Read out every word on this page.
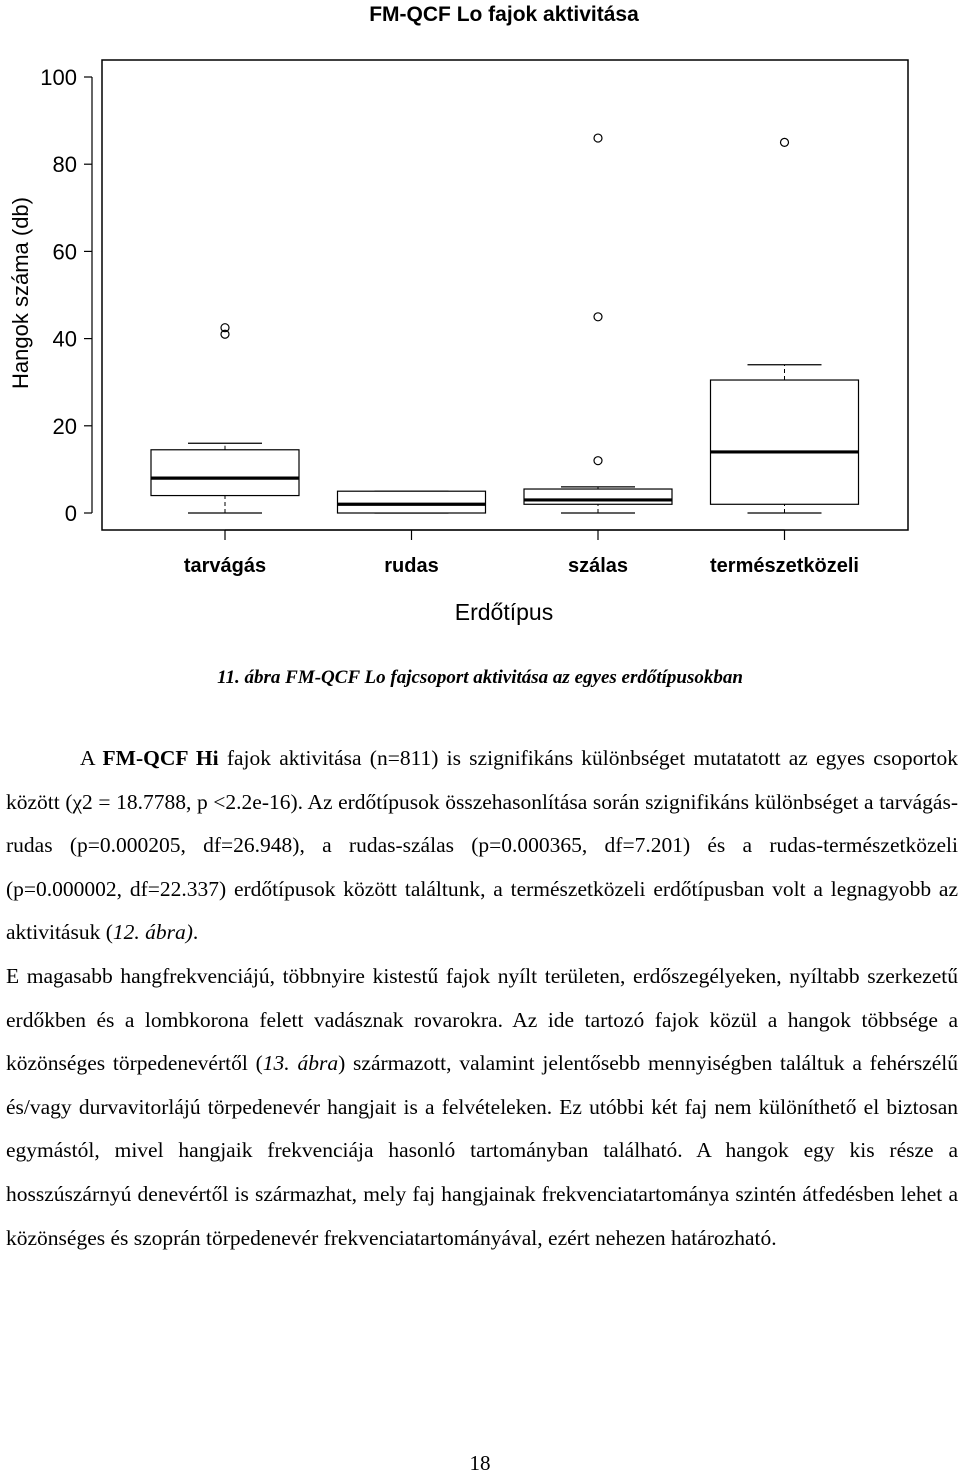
FM-QCF Lo fajok aktivitása
0
20
40
60
80
100
tarvágás	rudas	szálas	természetközeli
Hangok száma (db)
Erdőtípus
11. ábra FM-QCF Lo fajcsoport aktivitása az egyes erdőtípusokban

A FM-QCF Hi fajok aktivitása (n=811) is szignifikáns különbséget mutatatott az egyes csoportok között (χ2 = 18.7788, p <2.2e-16). Az erdőtípusok összehasonlítása során szignifikáns különbséget a tarvágás-rudas (p=0.000205, df=26.948), a rudas-szálas (p=0.000365, df=7.201) és a rudas-természetközeli (p=0.000002, df=22.337) erdőtípusok között találtunk, a természetközeli erdőtípusban volt a legnagyobb az aktivitásuk (12. ábra).

E magasabb hangfrekvenciájú, többnyire kistestű fajok nyílt területen, erdőszegélyeken, nyíltabb szerkezetű erdőkben és a lombkorona felett vadásznak rovarokra. Az ide tartozó fajok közül a hangok többsége a közönséges törpedenevértől (13. ábra) származott, valamint jelentősebb mennyiségben találtuk a fehérszélű és/vagy durvavitorlájú törpedenevér hangjait is a felvételeken. Ez utóbbi két faj nem különíthető el biztosan egymástól, mivel hangjaik frekvenciája hasonló tartományban található. A hangok egy kis része a hosszúszárnyú denevértől is származhat, mely faj hangjainak frekvenciatartománya szintén átfedésben lehet a közönséges és szoprán törpedenevér frekvenciatartományával, ezért nehezen határozható.

18
